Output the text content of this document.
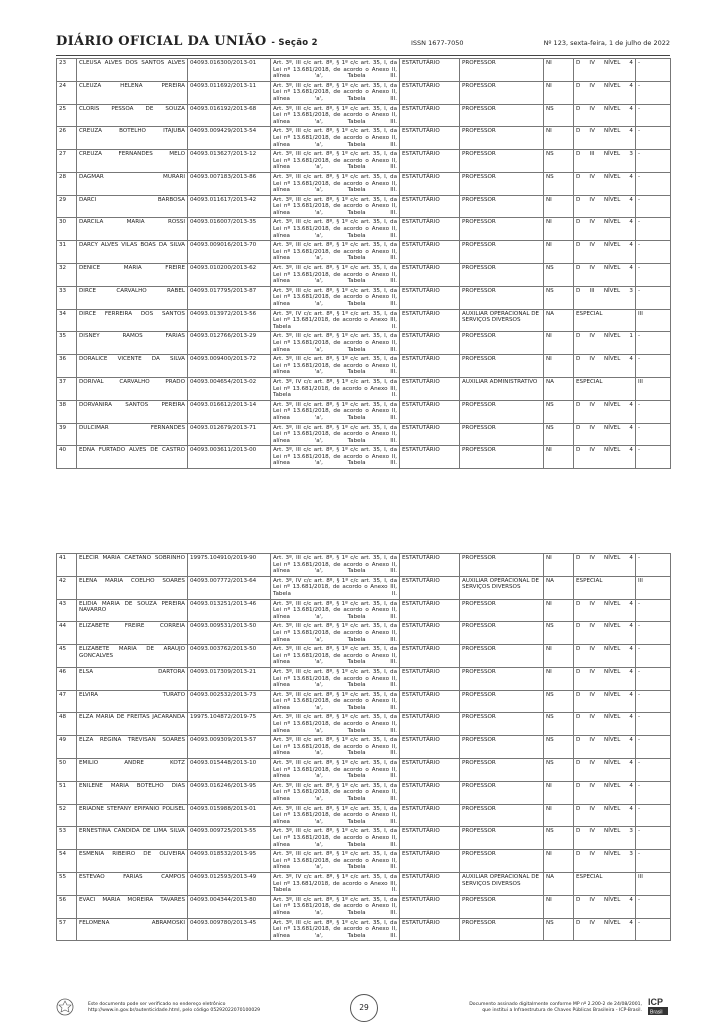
DIÁRIO OFICIAL DA UNIÃO - Seção 2	ISSN 1677-7050	Nº 123, sexta-feira, 1 de julho de 2022
23	CLEUSA ALVES DOS SANTOS ALVES	04093.016300/2013-01	Art. 3º, III c/c art. 8º, § 1º c/c art. 35, I, da Lei nº 13.681/2018, de acordo o Anexo II, alínea 'a', Tabela III.	ESTATUTÁRIO	PROFESSOR	NI	D IV NÍVEL 4	-
24	CLEUZA HELENA PEREIRA	04093.011692/2013-11	Art. 3º, III c/c art. 8º, § 1º c/c art. 35, I, da Lei nº 13.681/2018, de acordo o Anexo II, alínea 'a', Tabela III.	ESTATUTÁRIO	PROFESSOR	NI	D IV NÍVEL 4	-
25	CLORIS PESSOA DE SOUZA	04093.016192/2013-68	Art. 3º, III c/c art. 8º, § 1º c/c art. 35, I, da Lei nº 13.681/2018, de acordo o Anexo II, alínea 'a', Tabela III.	ESTATUTÁRIO	PROFESSOR	NS	D IV NÍVEL 4	-
26	CREUZA BOTELHO ITAJUBA	04093.009429/2013-54	Art. 3º, III c/c art. 8º, § 1º c/c art. 35, I, da Lei nº 13.681/2018, de acordo o Anexo II, alínea 'a', Tabela III.	ESTATUTÁRIO	PROFESSOR	NI	D IV NÍVEL 4	-
27	CREUZA FERNANDES MELO	04093.013627/2013-12	Art. 3º, III c/c art. 8º, § 1º c/c art. 35, I, da Lei nº 13.681/2018, de acordo o Anexo II, alínea 'a', Tabela III.	ESTATUTÁRIO	PROFESSOR	NS	D III NÍVEL 3	-
28	DAGMAR MURARI	04093.007183/2013-86	Art. 3º, III c/c art. 8º, § 1º c/c art. 35, I, da Lei nº 13.681/2018, de acordo o Anexo II, alínea 'a', Tabela III.	ESTATUTÁRIO	PROFESSOR	NS	D IV NÍVEL 4	-
29	DARCI BARBOSA	04093.011617/2013-42	Art. 3º, III c/c art. 8º, § 1º c/c art. 35, I, da Lei nº 13.681/2018, de acordo o Anexo II, alínea 'a', Tabela III.	ESTATUTÁRIO	PROFESSOR	NI	D IV NÍVEL 4	-
30	DARCILA MARIA ROSSI	04093.016007/2013-35	Art. 3º, III c/c art. 8º, § 1º c/c art. 35, I, da Lei nº 13.681/2018, de acordo o Anexo II, alínea 'a', Tabela III.	ESTATUTÁRIO	PROFESSOR	NI	D IV NÍVEL 4	-
31	DARCY ALVES VILAS BOAS DA SILVA	04093.009016/2013-70	Art. 3º, III c/c art. 8º, § 1º c/c art. 35, I, da Lei nº 13.681/2018, de acordo o Anexo II, alínea 'a', Tabela III.	ESTATUTÁRIO	PROFESSOR	NI	D IV NÍVEL 4	-
32	DENICE MARIA FREIRE	04093.010200/2013-62	Art. 3º, III c/c art. 8º, § 1º c/c art. 35, I, da Lei nº 13.681/2018, de acordo o Anexo II, alínea 'a', Tabela III.	ESTATUTÁRIO	PROFESSOR	NS	D IV NÍVEL 4	-
33	DIRCE CARVALHO RABEL	04093.017795/2013-87	Art. 3º, III c/c art. 8º, § 1º c/c art. 35, I, da Lei nº 13.681/2018, de acordo o Anexo II, alínea 'a', Tabela III.	ESTATUTÁRIO	PROFESSOR	NS	D III NÍVEL 3	-
34	DIRCE FERREIRA DOS SANTOS	04093.013972/2013-56	Art. 3º, IV c/c art. 8º, § 1º c/c art. 35, I, da Lei nº 13.681/2018, de acordo o Anexo III, Tabela II.	ESTATUTÁRIO	AUXILIAR OPERACIONAL DE SERVIÇOS DIVERSOS	NA	ESPECIAL	III
35	DISNEY RAMOS FARIAS	04093.012766/2013-29	Art. 3º, III c/c art. 8º, § 1º c/c art. 35, I, da Lei nº 13.681/2018, de acordo o Anexo II, alínea 'a', Tabela III.	ESTATUTÁRIO	PROFESSOR	NI	D IV NÍVEL 1	-
36	DORALICE VICENTE DA SILVA	04093.009400/2013-72	Art. 3º, III c/c art. 8º, § 1º c/c art. 35, I, da Lei nº 13.681/2018, de acordo o Anexo II, alínea 'a', Tabela III.	ESTATUTÁRIO	PROFESSOR	NI	D IV NÍVEL 4	-
37	DORIVAL CARVALHO PRADO	04093.004654/2013-02	Art. 3º, IV c/c art. 8º, § 1º c/c art. 35, I, da Lei nº 13.681/2018, de acordo o Anexo III, Tabela II.	ESTATUTÁRIO	AUXILIAR ADMINISTRATIVO	NA	ESPECIAL	III
38	DORVANIRA SANTOS PEREIRA	04093.016612/2013-14	Art. 3º, III c/c art. 8º, § 1º c/c art. 35, I, da Lei nº 13.681/2018, de acordo o Anexo II, alínea 'a', Tabela III.	ESTATUTÁRIO	PROFESSOR	NS	D IV NÍVEL 4	-
39	DULCIMAR FERNANDES	04093.012679/2013-71	Art. 3º, III c/c art. 8º, § 1º c/c art. 35, I, da Lei nº 13.681/2018, de acordo o Anexo II, alínea 'a', Tabela III.	ESTATUTÁRIO	PROFESSOR	NS	D IV NÍVEL 4	-
40	EDNA FURTADO ALVES DE CASTRO	04093.003611/2013-00	Art. 3º, III c/c art. 8º, § 1º c/c art. 35, I, da Lei nº 13.681/2018, de acordo o Anexo II, alínea 'a', Tabela III.	ESTATUTÁRIO	PROFESSOR	NI	D IV NÍVEL 4	-
41	ELECIR MARIA CAETANO SOBRINHO	19975.104910/2019-90	Art. 3º, III c/c art. 8º, § 1º c/c art. 35, I, da Lei nº 13.681/2018, de acordo o Anexo II, alínea 'a', Tabela III.	ESTATUTÁRIO	PROFESSOR	NI	D IV NÍVEL 4	-
42	ELENA MARIA COELHO SOARES	04093.007772/2013-64	Art. 3º, IV c/c art. 8º, § 1º c/c art. 35, I, da Lei nº 13.681/2018, de acordo o Anexo III, Tabela II.	ESTATUTÁRIO	AUXILIAR OPERACIONAL DE SERVIÇOS DIVERSOS	NA	ESPECIAL	III
43	ELIDIA MARIA DE SOUZA PEREIRA NAVARRO	04093.013251/2013-46	Art. 3º, III c/c art. 8º, § 1º c/c art. 35, I, da Lei nº 13.681/2018, de acordo o Anexo II, alínea 'a', Tabela III.	ESTATUTÁRIO	PROFESSOR	NI	D IV NÍVEL 4	-
44	ELIZABETE FREIRE CORREIA	04093.009531/2013-50	Art. 3º, III c/c art. 8º, § 1º c/c art. 35, I, da Lei nº 13.681/2018, de acordo o Anexo II, alínea 'a', Tabela III.	ESTATUTÁRIO	PROFESSOR	NS	D IV NÍVEL 4	-
45	ELIZABETE MARIA DE ARAUJO GONCALVES	04093.003762/2013-50	Art. 3º, III c/c art. 8º, § 1º c/c art. 35, I, da Lei nº 13.681/2018, de acordo o Anexo II, alínea 'a', Tabela III.	ESTATUTÁRIO	PROFESSOR	NI	D IV NÍVEL 4	-
46	ELSA DARTORA	04093.017309/2013-21	Art. 3º, III c/c art. 8º, § 1º c/c art. 35, I, da Lei nº 13.681/2018, de acordo o Anexo II, alínea 'a', Tabela III.	ESTATUTÁRIO	PROFESSOR	NI	D IV NÍVEL 4	-
47	ELVIRA TURATO	04093.002532/2013-73	Art. 3º, III c/c art. 8º, § 1º c/c art. 35, I, da Lei nº 13.681/2018, de acordo o Anexo II, alínea 'a', Tabela III.	ESTATUTÁRIO	PROFESSOR	NS	D IV NÍVEL 4	-
48	ELZA MARIA DE FREITAS JACARANDA	19975.104872/2019-75	Art. 3º, III c/c art. 8º, § 1º c/c art. 35, I, da Lei nº 13.681/2018, de acordo o Anexo II, alínea 'a', Tabela III.	ESTATUTÁRIO	PROFESSOR	NS	D IV NÍVEL 4	-
49	ELZA REGINA TREVISAN SOARES	04093.009309/2013-57	Art. 3º, III c/c art. 8º, § 1º c/c art. 35, I, da Lei nº 13.681/2018, de acordo o Anexo II, alínea 'a', Tabela III.	ESTATUTÁRIO	PROFESSOR	NS	D IV NÍVEL 4	-
50	EMILIO ANDRE KOTZ	04093.015448/2013-10	Art. 3º, III c/c art. 8º, § 1º c/c art. 35, I, da Lei nº 13.681/2018, de acordo o Anexo II, alínea 'a', Tabela III.	ESTATUTÁRIO	PROFESSOR	NS	D IV NÍVEL 4	-
51	ENILENE MARIA BOTELHO DIAS	04093.016246/2013-95	Art. 3º, III c/c art. 8º, § 1º c/c art. 35, I, da Lei nº 13.681/2018, de acordo o Anexo II, alínea 'a', Tabela III.	ESTATUTÁRIO	PROFESSOR	NI	D IV NÍVEL 4	-
52	ERIADNE STEFANY EPIFANIO POLISEL	04093.015988/2013-01	Art. 3º, III c/c art. 8º, § 1º c/c art. 35, I, da Lei nº 13.681/2018, de acordo o Anexo II, alínea 'a', Tabela III.	ESTATUTÁRIO	PROFESSOR	NI	D IV NÍVEL 4	-
53	ERNESTINA CANDIDA DE LIMA SILVA	04093.009725/2013-55	Art. 3º, III c/c art. 8º, § 1º c/c art. 35, I, da Lei nº 13.681/2018, de acordo o Anexo II, alínea 'a', Tabela III.	ESTATUTÁRIO	PROFESSOR	NS	D IV NÍVEL 3	-
54	ESMENIA RIBEIRO DE OLIVEIRA	04093.018532/2013-95	Art. 3º, III c/c art. 8º, § 1º c/c art. 35, I, da Lei nº 13.681/2018, de acordo o Anexo II, alínea 'a', Tabela III.	ESTATUTÁRIO	PROFESSOR	NI	D IV NÍVEL 3	-
55	ESTEVAO FARIAS CAMPOS	04093.012593/2013-49	Art. 3º, IV c/c art. 8º, § 1º c/c art. 35, I, da Lei nº 13.681/2018, de acordo o Anexo III, Tabela II.	ESTATUTÁRIO	AUXILIAR OPERACIONAL DE SERVIÇOS DIVERSOS	NA	ESPECIAL	III
56	EVACI MARIA MOREIRA TAVARES	04093.004344/2013-80	Art. 3º, III c/c art. 8º, § 1º c/c art. 35, I, da Lei nº 13.681/2018, de acordo o Anexo II, alínea 'a', Tabela III.	ESTATUTÁRIO	PROFESSOR	NI	D IV NÍVEL 4	-
57	FELOMENA ABRAMOSKI	04093.009780/2013-45	Art. 3º, III c/c art. 8º, § 1º c/c art. 35, I, da Lei nº 13.681/2018, de acordo o Anexo II, alínea 'a', Tabela III.	ESTATUTÁRIO	PROFESSOR	NS	D IV NÍVEL 4	-
Este documento pode ser verificado no endereço eletrônico
http://www.in.gov.br/autenticidade.html, pelo código 05292022070100029	29	Documento assinado digitalmente conforme MP nº 2.200-2 de 24/08/2001,
que institui a Infraestrutura de Chaves Públicas Brasileira - ICP-Brasil.
ICP
Brasil
